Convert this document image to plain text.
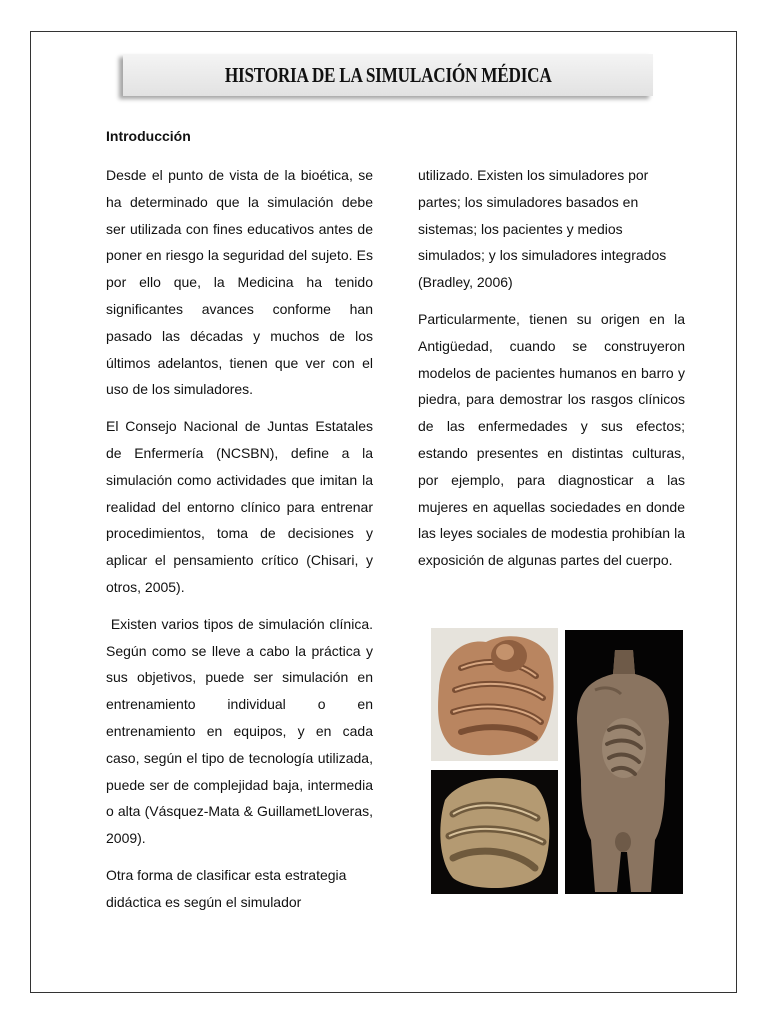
HISTORIA DE LA SIMULACIÓN MÉDICA
Introducción

Desde el punto de vista de la bioética, se ha determinado que la simulación debe ser utilizada con fines educativos antes de poner en riesgo la seguridad del sujeto. Es por ello que, la Medicina ha tenido significantes avances conforme han pasado las décadas y muchos de los últimos adelantos, tienen que ver con el uso de los simuladores.

El Consejo Nacional de Juntas Estatales de Enfermería (NCSBN), define a la simulación como actividades que imitan la realidad del entorno clínico para entrenar procedimientos, toma de decisiones y aplicar el pensamiento crítico (Chisari, y otros, 2005).

Existen varios tipos de simulación clínica. Según como se lleve a cabo la práctica y sus objetivos, puede ser simulación en entrenamiento individual o en entrenamiento en equipos, y en cada caso, según el tipo de tecnología utilizada, puede ser de complejidad baja, intermedia o alta (Vásquez-Mata & GuillametLloveras, 2009).

Otra forma de clasificar esta estrategia didáctica es según el simulador

utilizado. Existen los simuladores por partes; los simuladores basados en sistemas; los pacientes y medios simulados; y los simuladores integrados (Bradley, 2006)

Particularmente, tienen su origen en la Antigüedad, cuando se construyeron modelos de pacientes humanos en barro y piedra, para demostrar los rasgos clínicos de las enfermedades y sus efectos; estando presentes en distintas culturas, por ejemplo, para diagnosticar a las mujeres en aquellas sociedades en donde las leyes sociales de modestia prohibían la exposición de algunas partes del cuerpo.
